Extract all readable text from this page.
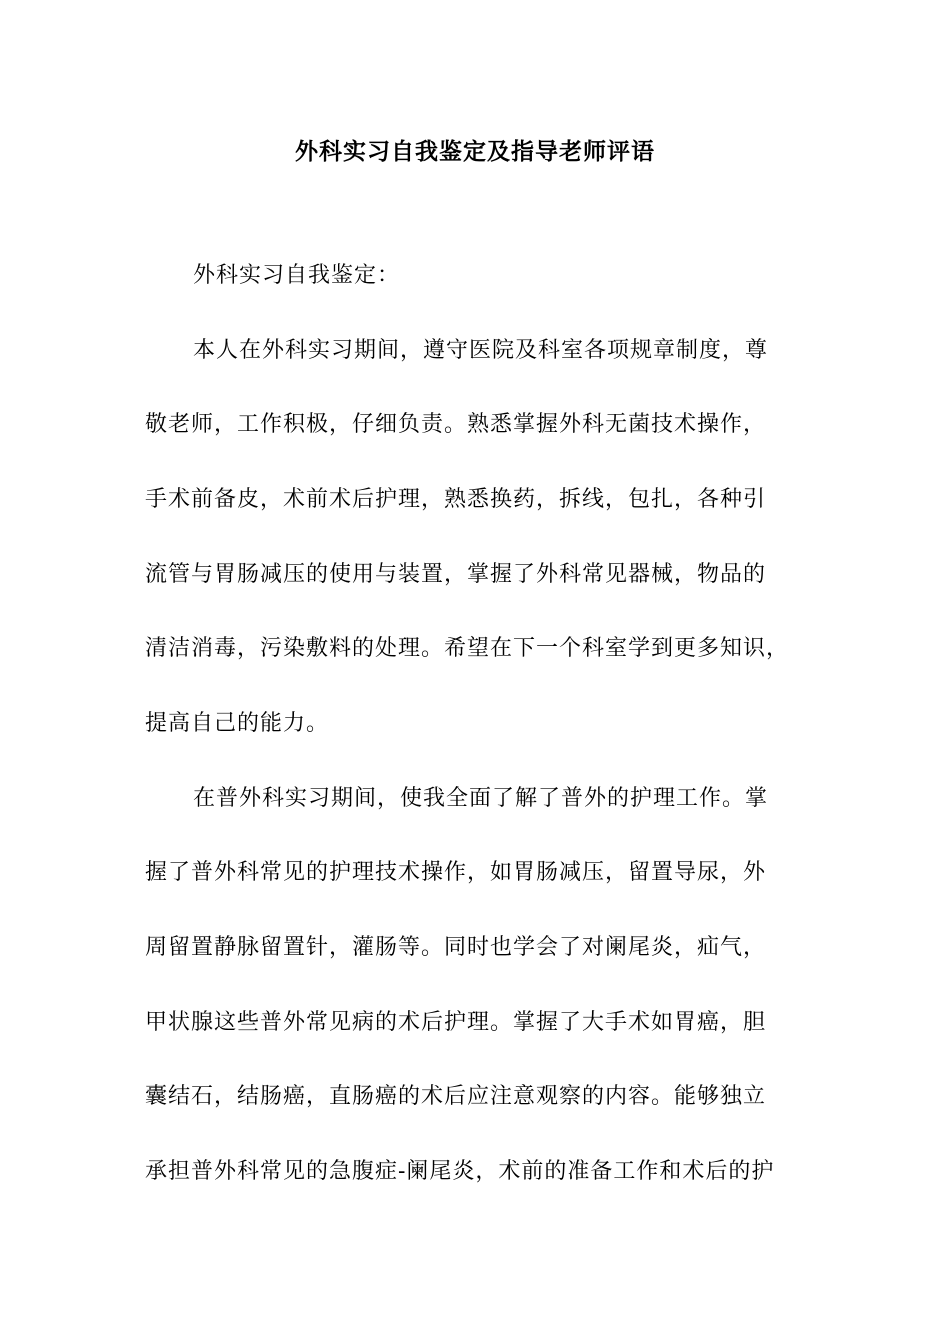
外科实习自我鉴定及指导老师评语
外科实习自我鉴定：
本人在外科实习期间，遵守医院及科室各项规章制度，尊
敬老师，工作积极，仔细负责。熟悉掌握外科无菌技术操作，
手术前备皮，术前术后护理，熟悉换药，拆线，包扎，各种引
流管与胃肠减压的使用与装置，掌握了外科常见器械，物品的
清洁消毒，污染敷料的处理。希望在下一个科室学到更多知识，
提高自己的能力。
在普外科实习期间，使我全面了解了普外的护理工作。掌
握了普外科常见的护理技术操作，如胃肠减压，留置导尿，外
周留置静脉留置针，灌肠等。同时也学会了对阑尾炎，疝气，
甲状腺这些普外常见病的术后护理。掌握了大手术如胃癌，胆
囊结石，结肠癌，直肠癌的术后应注意观察的内容。能够独立
承担普外科常见的急腹症-阑尾炎，术前的准备工作和术后的护
